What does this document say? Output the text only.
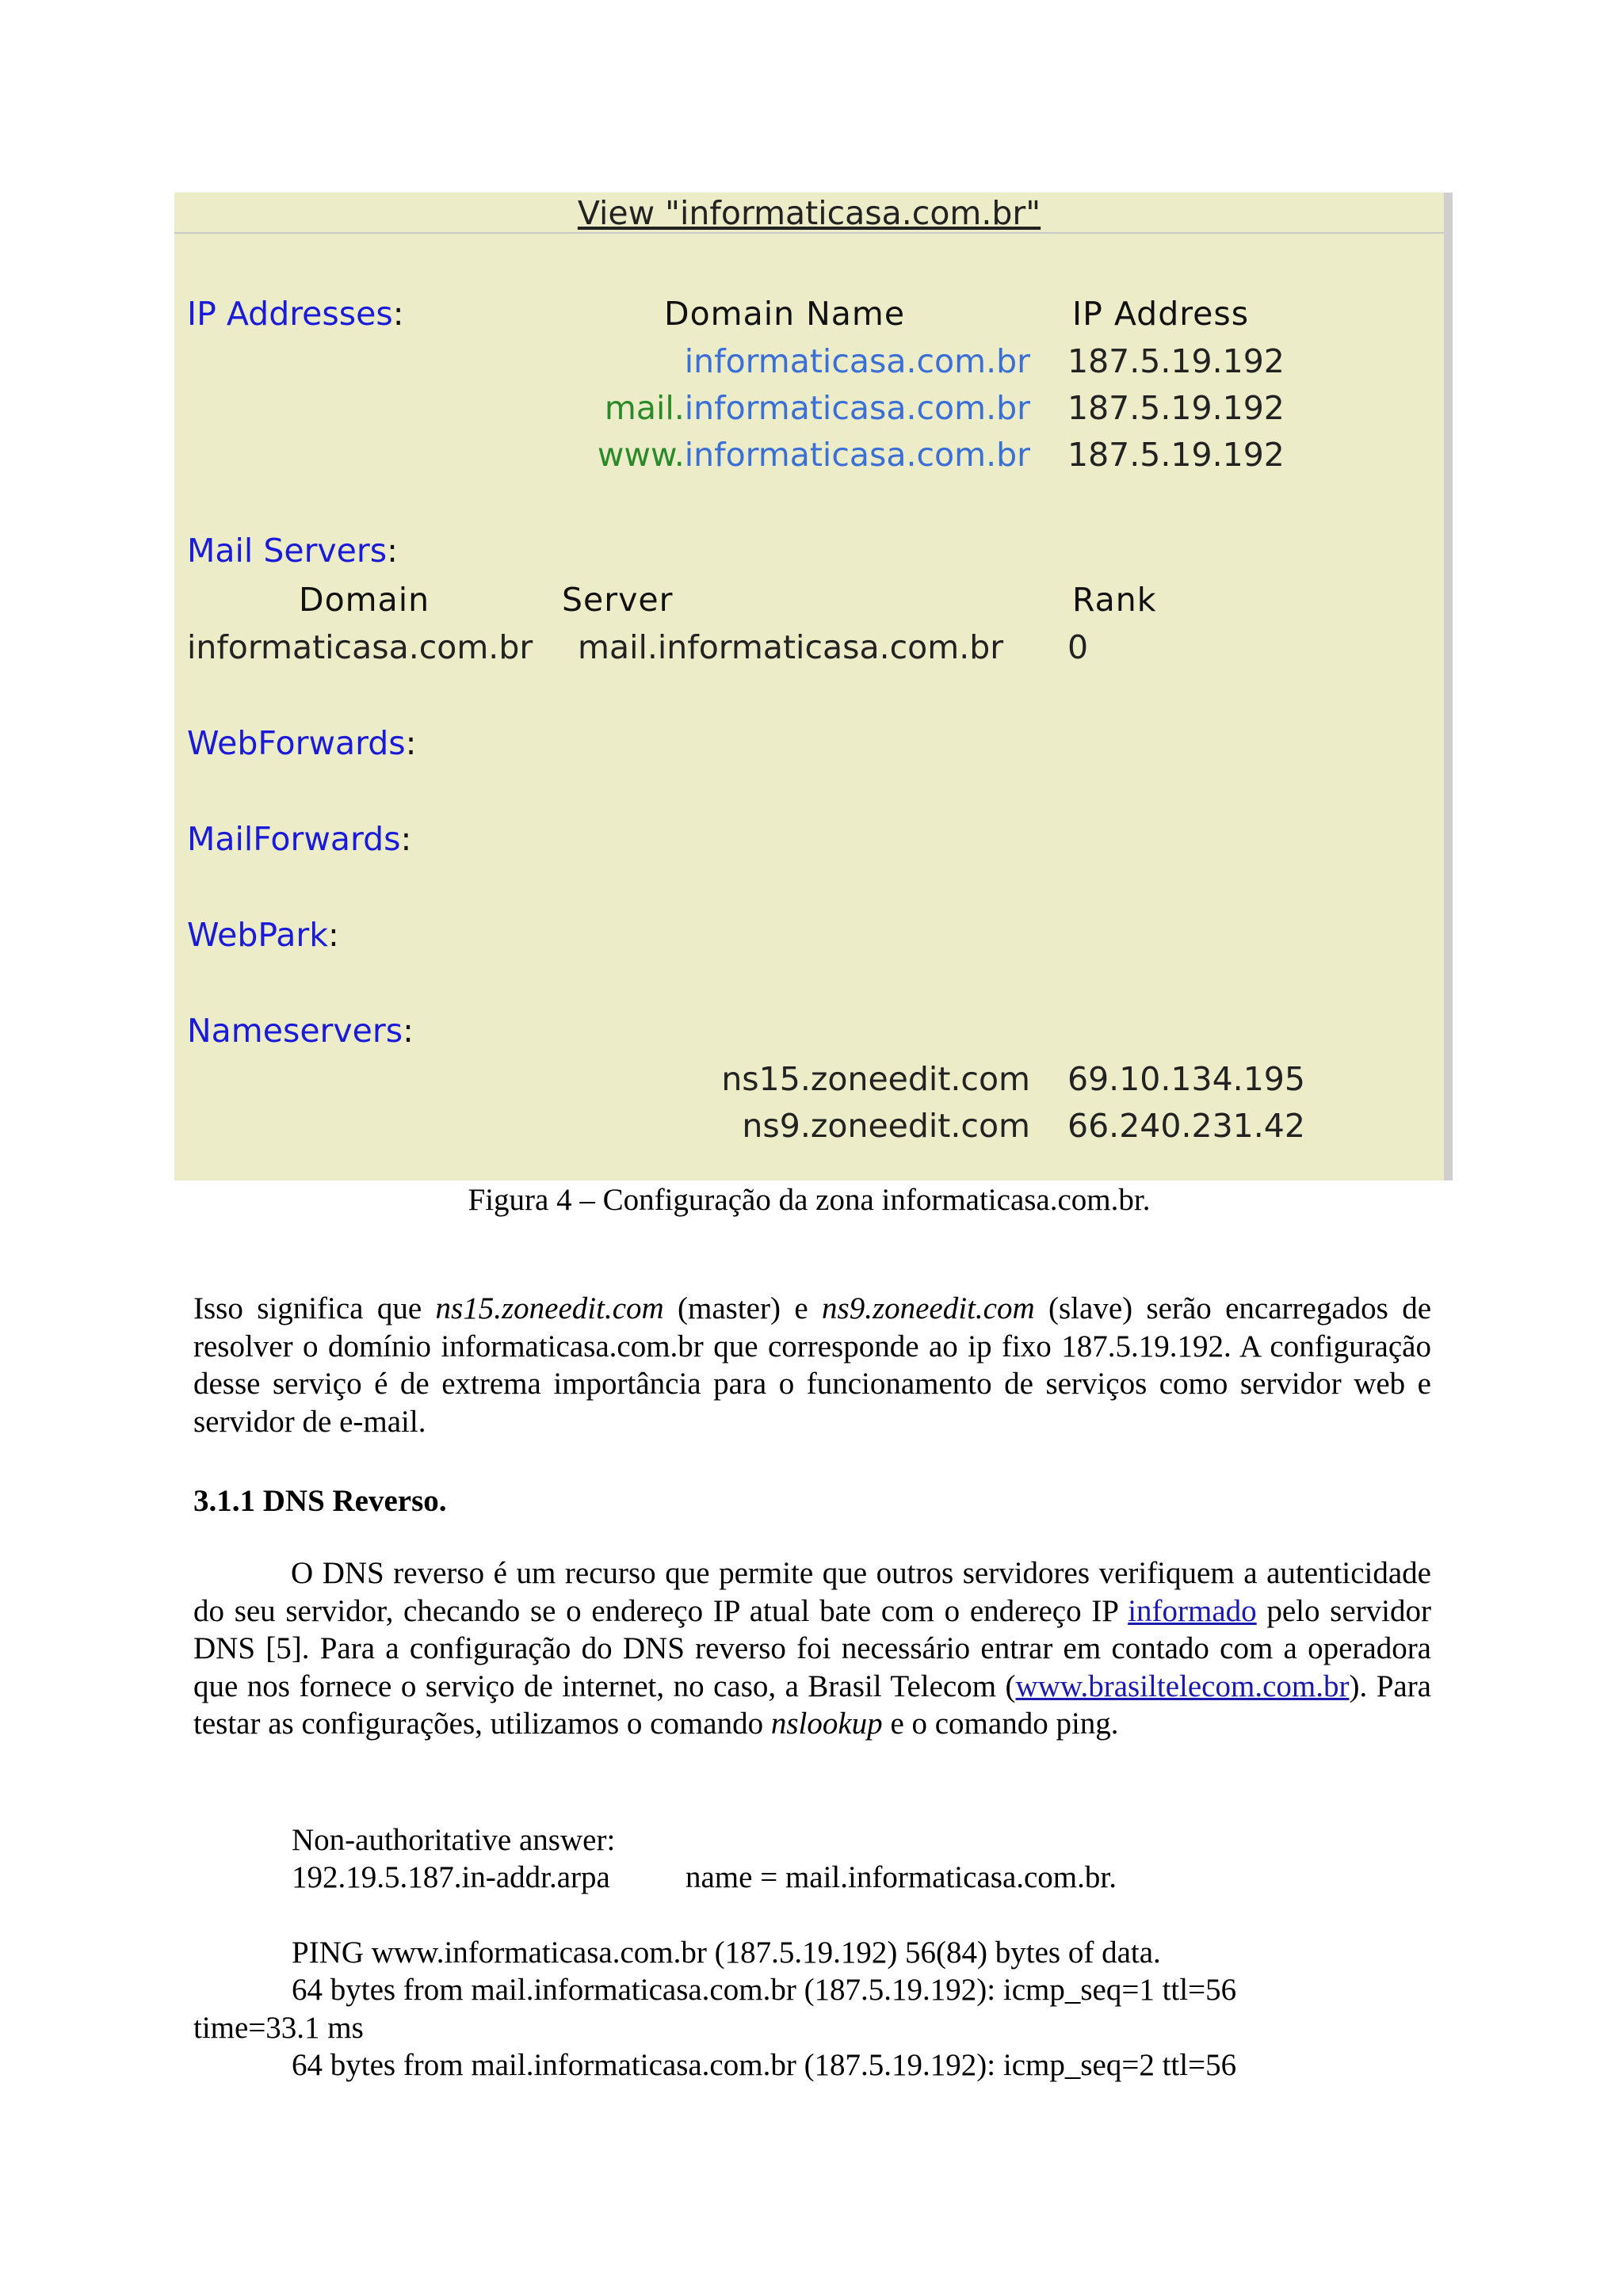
View "informaticasa.com.br"
IP Addresses:	Domain Name	IP Address
informaticasa.com.br 187.5.19.192
mail.informaticasa.com.br 187.5.19.192
www.informaticasa.com.br 187.5.19.192
Mail Servers:
Domain	Server	Rank
informaticasa.com.br mail.informaticasa.com.br 0
WebForwards:
MailForwards:
WebPark:
Nameservers:
ns15.zoneedit.com 69.10.134.195
ns9.zoneedit.com 66.240.231.42
Figura 4 – Configuração da zona informaticasa.com.br.
Isso significa que ns15.zoneedit.com (master) e ns9.zoneedit.com (slave) serão encarregados de resolver o domínio informaticasa.com.br que corresponde ao ip fixo 187.5.19.192. A configuração desse serviço é de extrema importância para o funcionamento de serviços como servidor web e servidor de e-mail.
3.1.1 DNS Reverso.
O DNS reverso é um recurso que permite que outros servidores verifiquem a autenticidade do seu servidor, checando se o endereço IP atual bate com o endereço IP informado pelo servidor DNS [5]. Para a configuração do DNS reverso foi necessário entrar em contado com a operadora que nos fornece o serviço de internet, no caso, a Brasil Telecom (www.brasiltelecom.com.br). Para testar as configurações, utilizamos o comando nslookup e o comando ping.
Non-authoritative answer:
192.19.5.187.in-addr.arpa name = mail.informaticasa.com.br.
PING www.informaticasa.com.br (187.5.19.192) 56(84) bytes of data.
64 bytes from mail.informaticasa.com.br (187.5.19.192): icmp_seq=1 ttl=56
time=33.1 ms
64 bytes from mail.informaticasa.com.br (187.5.19.192): icmp_seq=2 ttl=56
